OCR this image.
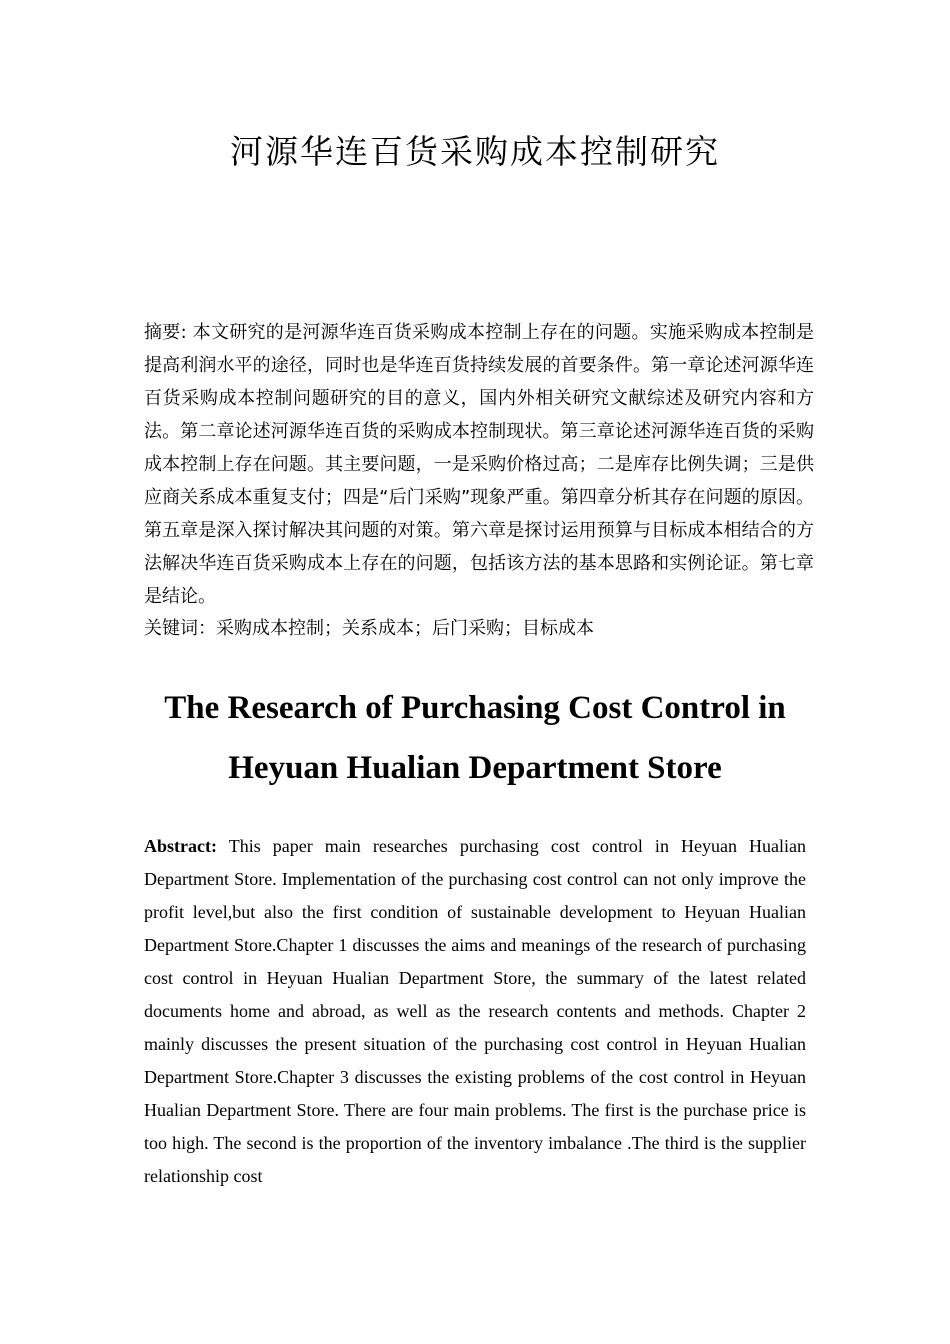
河源华连百货采购成本控制研究

摘要: 本文研究的是河源华连百货采购成本控制上存在的问题。实施采购成本控制是提高利润水平的途径，同时也是华连百货持续发展的首要条件。第一章论述河源华连百货采购成本控制问题研究的目的意义，国内外相关研究文献综述及研究内容和方法。第二章论述河源华连百货的采购成本控制现状。第三章论述河源华连百货的采购成本控制上存在问题。其主要问题，一是采购价格过高；二是库存比例失调；三是供应商关系成本重复支付；四是“后门采购”现象严重。第四章分析其存在问题的原因。第五章是深入探讨解决其问题的对策。第六章是探讨运用预算与目标成本相结合的方法解决华连百货采购成本上存在的问题，包括该方法的基本思路和实例论证。第七章是结论。

关键词：采购成本控制；关系成本；后门采购；目标成本

The Research of Purchasing Cost Control in Heyuan Hualian Department Store

Abstract: This paper main researches purchasing cost control in Heyuan Hualian Department Store. Implementation of the purchasing cost control can not only improve the profit level,but also the first condition of sustainable development to Heyuan Hualian Department Store.Chapter 1 discusses the aims and meanings of the research of purchasing cost control in Heyuan Hualian Department Store, the summary of the latest related documents home and abroad, as well as the research contents and methods. Chapter 2 mainly discusses the present situation of the purchasing cost control in Heyuan Hualian Department Store.Chapter 3 discusses the existing problems of the cost control in Heyuan Hualian Department Store. There are four main problems. The first is the purchase price is too high. The second is the proportion of the inventory imbalance .The third is the supplier relationship cost
